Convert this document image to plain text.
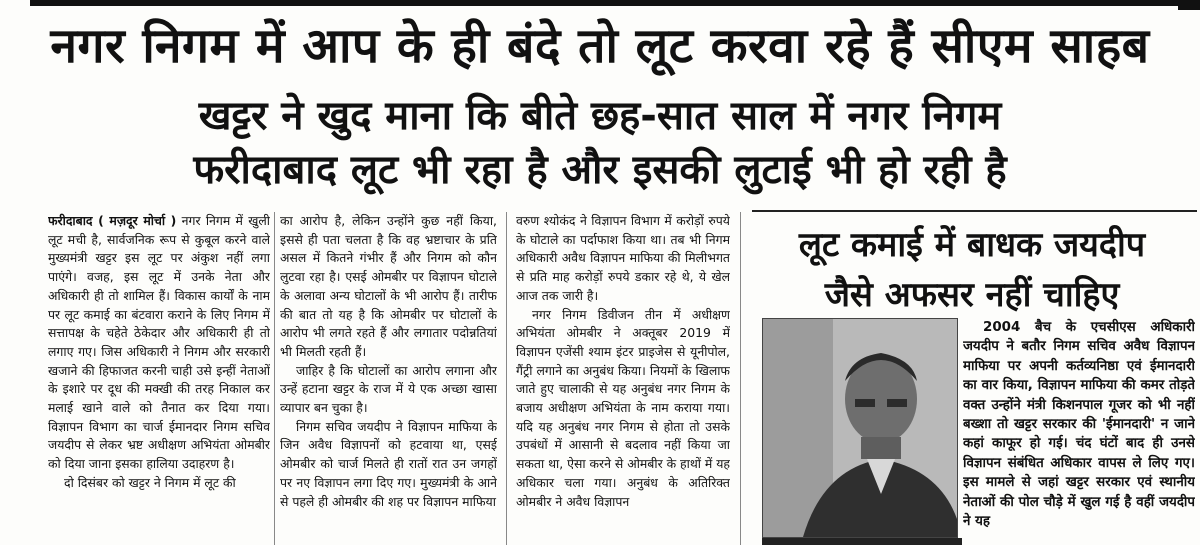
नगर निगम में आप के ही बंदे तो लूट करवा रहे हैं सीएम साहब
खट्टर ने खुद माना कि बीते छह-सात साल में नगर निगम
फरीदाबाद लूट भी रहा है और इसकी लुटाई भी हो रही है

फरीदाबाद ( मज़दूर मोर्चा ) नगर निगम में खुली लूट मची है, सार्वजनिक रूप से कुबूल करने वाले मुख्यमंत्री खट्टर इस लूट पर अंकुश नहीं लगा पाएंगे। वजह, इस लूट में उनके नेता और अधिकारी ही तो शामिल हैं। विकास कार्यों के नाम पर लूट कमाई का बंटवारा कराने के लिए निगम में सत्तापक्ष के चहेते ठेकेदार और अधिकारी ही तो लगाए गए। जिस अधिकारी ने निगम और सरकारी खजाने की हिफाजत करनी चाही उसे इन्हीं नेताओं के इशारे पर दूध की मक्खी की तरह निकाल कर मलाई खाने वाले को तैनात कर दिया गया। विज्ञापन विभाग का चार्ज ईमानदार निगम सचिव जयदीप से लेकर भ्रष्ट अधीक्षण अभियंता ओमबीर को दिया जाना इसका हालिया उदाहरण है।

दो दिसंबर को खट्टर ने निगम में लूट की

का आरोप है, लेकिन उन्होंने कुछ नहीं किया, इससे ही पता चलता है कि वह भ्रष्टाचार के प्रति असल में कितने गंभीर हैं और निगम को कौन लुटवा रहा है। एसई ओमबीर पर विज्ञापन घोटाले के अलावा अन्य घोटालों के भी आरोप हैं। तारीफ की बात तो यह है कि ओमबीर पर घोटालों के आरोप भी लगते रहते हैं और लगातार पदोन्नतियां भी मिलती रहती हैं।

जाहिर है कि घोटालों का आरोप लगाना और उन्हें हटाना खट्टर के राज में ये एक अच्छा खासा व्यापार बन चुका है।

निगम सचिव जयदीप ने विज्ञापन माफिया के जिन अवैध विज्ञापनों को हटवाया था, एसई ओमबीर को चार्ज मिलते ही रातों रात उन जगहों पर नए विज्ञापन लगा दिए गए। मुख्यमंत्री के आने से पहले ही ओमबीर की शह पर विज्ञापन माफिया

वरुण श्योकंद ने विज्ञापन विभाग में करोड़ों रुपये के घोटाले का पर्दाफाश किया था। तब भी निगम अधिकारी अवैध विज्ञापन माफिया की मिलीभगत से प्रति माह करोड़ों रुपये डकार रहे थे, ये खेल आज तक जारी है।

नगर निगम डिवीजन तीन में अधीक्षण अभियंता ओमबीर ने अक्तूबर 2019 में विज्ञापन एजेंसी श्याम इंटर प्राइजेस से यूनीपोल, गैंट्री लगाने का अनुबंध किया। नियमों के खिलाफ जाते हुए चालाकी से यह अनुबंध नगर निगम के बजाय अधीक्षण अभियंता के नाम कराया गया। यदि यह अनुबंध नगर निगम से होता तो उसके उपबंधों में आसानी से बदलाव नहीं किया जा सकता था, ऐसा करने से ओमबीर के हाथों में यह अधिकार चला गया। अनुबंध के अतिरिक्त ओमबीर ने अवैध विज्ञापन

लूट कमाई में बाधक जयदीप
जैसे अफसर नहीं चाहिए

2004 बैच के एचसीएस अधिकारी जयदीप ने बतौर निगम सचिव अवैध विज्ञापन माफिया पर अपनी कर्तव्यनिष्ठा एवं ईमानदारी का वार किया, विज्ञापन माफिया की कमर तोड़ते वक्त उन्होंने मंत्री किशनपाल गूजर को भी नहीं बख्शा तो खट्टर सरकार की 'ईमानदारी' न जाने कहां काफूर हो गई। चंद घंटों बाद ही उनसे विज्ञापन संबंधित अधिकार वापस ले लिए गए। इस मामले से जहां खट्टर सरकार एवं स्थानीय नेताओं की पोल चौड़े में खुल गई है वहीं जयदीप ने यह
